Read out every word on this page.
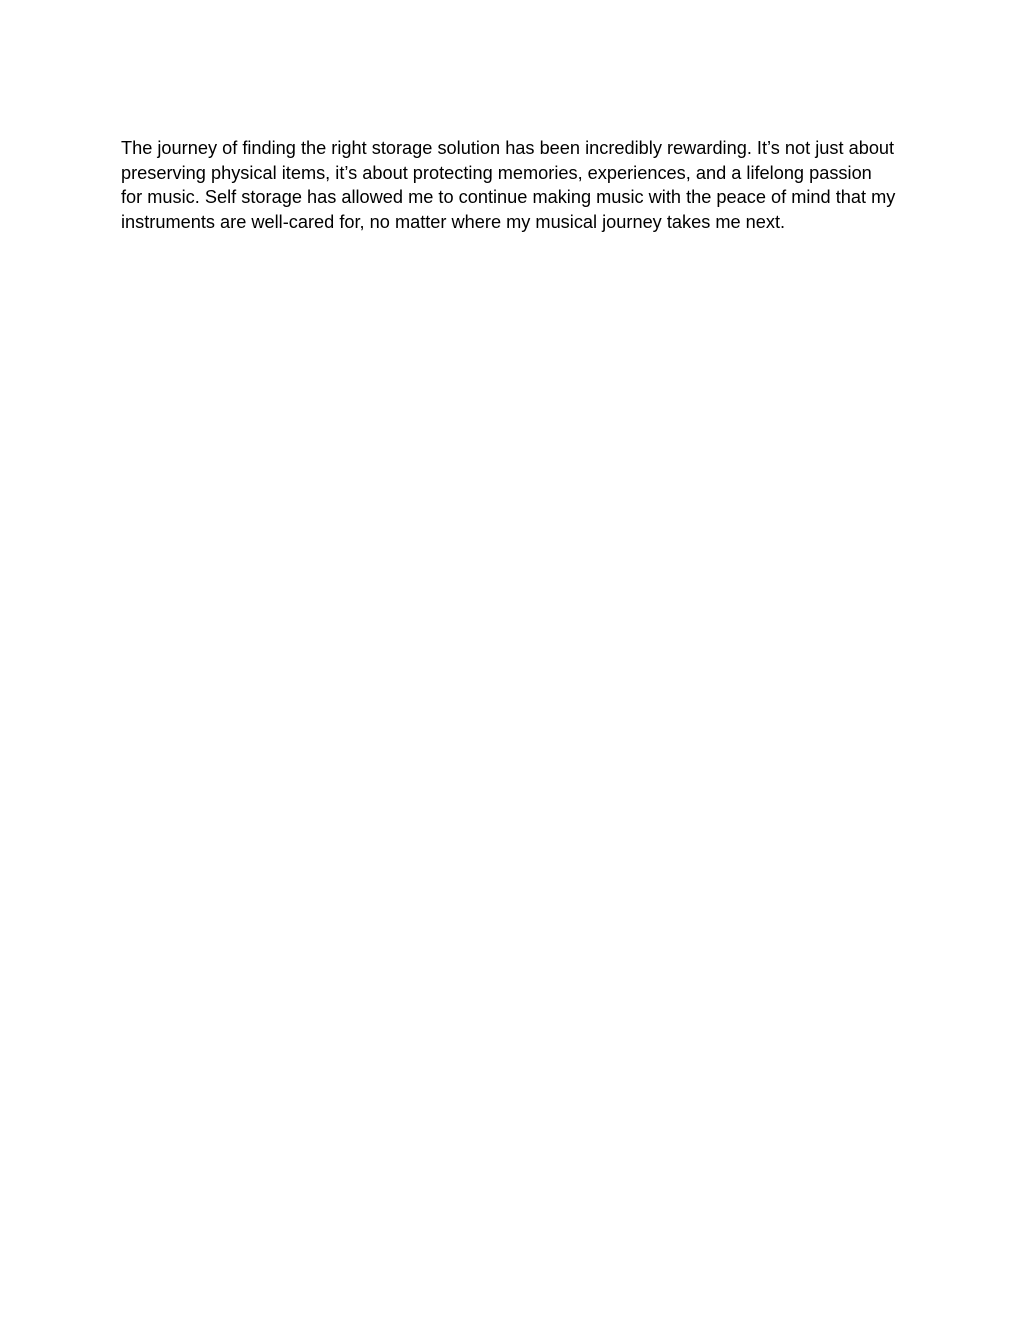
The journey of finding the right storage solution has been incredibly rewarding. It’s not just about
preserving physical items, it’s about protecting memories, experiences, and a lifelong passion
for music. Self storage has allowed me to continue making music with the peace of mind that my
instruments are well-cared for, no matter where my musical journey takes me next.
